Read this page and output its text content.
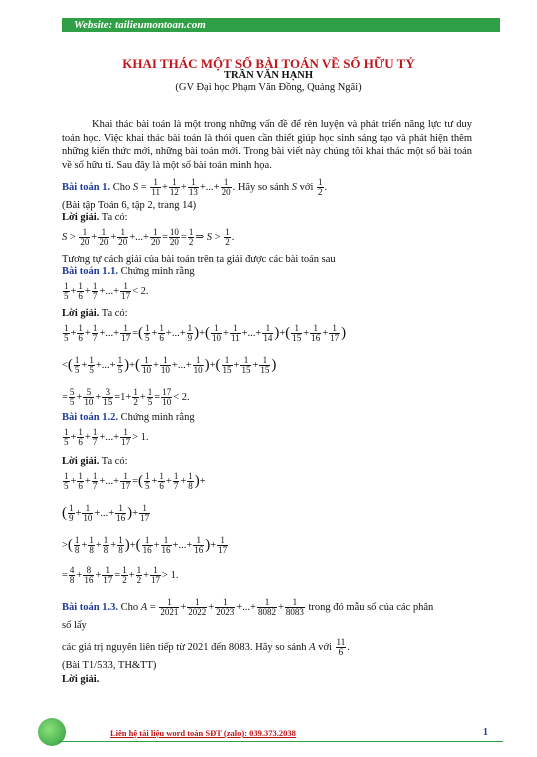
Website: tailieumontoan.com
KHAI THÁC MỘT SỐ BÀI TOÁN VỀ SỐ HỮU TỶ
TRẦN VĂN HẠNH
(GV Đại học Phạm Văn Đồng, Quảng Ngãi)
Khai thác bài toán là một trong những vấn đề để rèn luyện và phát triển năng lực tư duy toán học. Việc khai thác bài toán là thói quen cần thiết giúp học sinh sáng tạo và phát hiện thêm những kiến thức mới, những bài toán mới. Trong bài viết này chúng tôi khai thác một số bài toán về số hữu tỉ. Sau đây là một số bài toán minh họa.
Bài toán 1. Cho $S = \frac{1}{11} + \frac{1}{12} + \frac{1}{13}$ +...+ $\frac{1}{20}$ . Hãy so sánh S với $\frac{1}{2}$ .
(Bài tập Toán 6, tập 2, trang 14)
Lời giải. Ta có:
$S > \frac{1}{20} + \frac{1}{20} + \frac{1}{20}$ +...+ $\frac{1}{20} = \frac{10}{20} = \frac{1}{2}$ ⇒ $S > \frac{1}{2}$ .
Tương tự cách giải của bài toán trên ta giải được các bài toán sau
Bài toán 1.1. Chứng minh rằng
$\frac{1}{5} + \frac{1}{6} + \frac{1}{7}$ +...+ $\frac{1}{17} < 2$.
Lời giải. Ta có:
$\frac{1}{5} + \frac{1}{6} + \frac{1}{7}$ +...+ $\frac{1}{17}$ =( $\frac{1}{5} + \frac{1}{6}$ +...+ $\frac{1}{9}$ )+( $\frac{1}{10} + \frac{1}{11}$ +...+ $\frac{1}{14}$ )+( $\frac{1}{15} + \frac{1}{16} + \frac{1}{17}$ )
<( $\frac{1}{5} + \frac{1}{5}$ +...+ $\frac{1}{5}$ )+( $\frac{1}{10} + \frac{1}{10}$ +...+ $\frac{1}{10}$ )+( $\frac{1}{15} + \frac{1}{15} + \frac{1}{15}$ )
= $\frac{5}{5} + \frac{5}{10} + \frac{3}{15} =1+ \frac{1}{2} + \frac{1}{5} = \frac{17}{10} < 2$.
Bài toán 1.2. Chứng minh rằng
$\frac{1}{5} + \frac{1}{6} + \frac{1}{7}$ +...+ $\frac{1}{17} > 1$.
Lời giải. Ta có:
$\frac{1}{5} + \frac{1}{6} + \frac{1}{7}$ +...+ $\frac{1}{17}$ =( $\frac{1}{5} + \frac{1}{6} + \frac{1}{7} + \frac{1}{8}$ )+
( $\frac{1}{9} + \frac{1}{10}$ +...+ $\frac{1}{16}$ )+ $\frac{1}{17}$
>( $\frac{1}{8} + \frac{1}{8} + \frac{1}{8} + \frac{1}{8}$ )+( $\frac{1}{16} + \frac{1}{16}$ +...+ $\frac{1}{16}$ )+ $\frac{1}{17}$
= $\frac{4}{8} + \frac{8}{16} + \frac{1}{17} = \frac{1}{2} + \frac{1}{2} + \frac{1}{17} > 1$.
Bài toán 1.3. Cho $A = \frac{1}{2021} + \frac{1}{2022} + \frac{1}{2023}$ +...+ $\frac{1}{8082} + \frac{1}{8083}$ trong đó mẫu số của các phân
số lấy
các giá trị nguyên liên tiếp từ 2021 đến 8083. Hãy so sánh A với $\frac{11}{6}$ .
(Bài T1/533, TH&TT)
Lời giải.
Liên hệ tài liệu word toán SĐT (zalo): 039.373.2038	1
